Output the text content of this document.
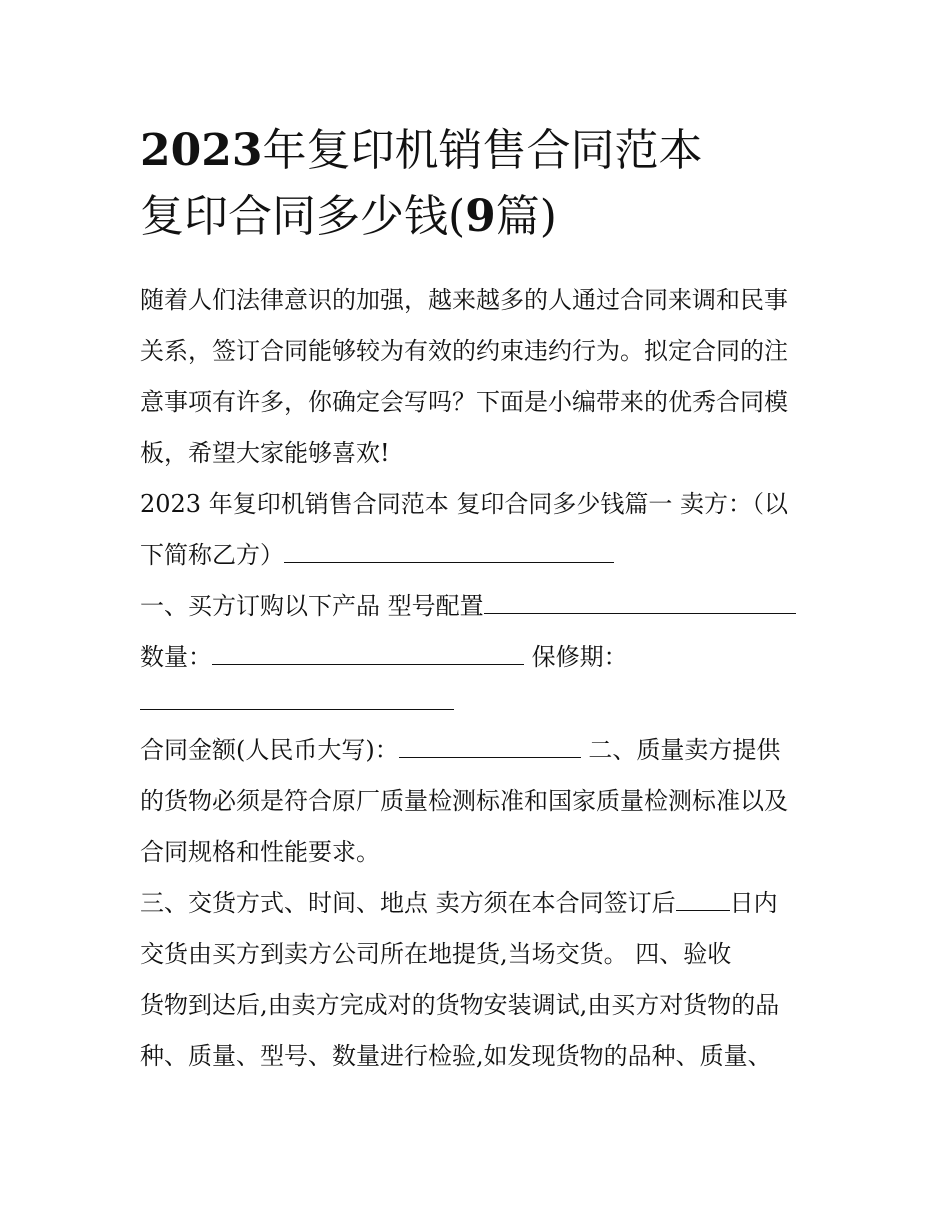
2023年复印机销售合同范本
复印合同多少钱(9篇)
随着人们法律意识的加强，越来越多的人通过合同来调和民事
关系，签订合同能够较为有效的约束违约行为。拟定合同的注
意事项有许多，你确定会写吗？下面是小编带来的优秀合同模
板，希望大家能够喜欢!
2023 年复印机销售合同范本 复印合同多少钱篇一 卖方：（以
下简称乙方）
一、买方订购以下产品 型号配置
数量：	保修期：
合同金额(人民币大写)：	二、质量卖方提供
的货物必须是符合原厂质量检测标准和国家质量检测标准以及
合同规格和性能要求。
三、交货方式、时间、地点 卖方须在本合同签订后 日内
交货由买方到卖方公司所在地提货,当场交货。 四、验收
货物到达后,由卖方完成对的货物安装调试,由买方对货物的品
种、质量、型号、数量进行检验,如发现货物的品种、质量、
